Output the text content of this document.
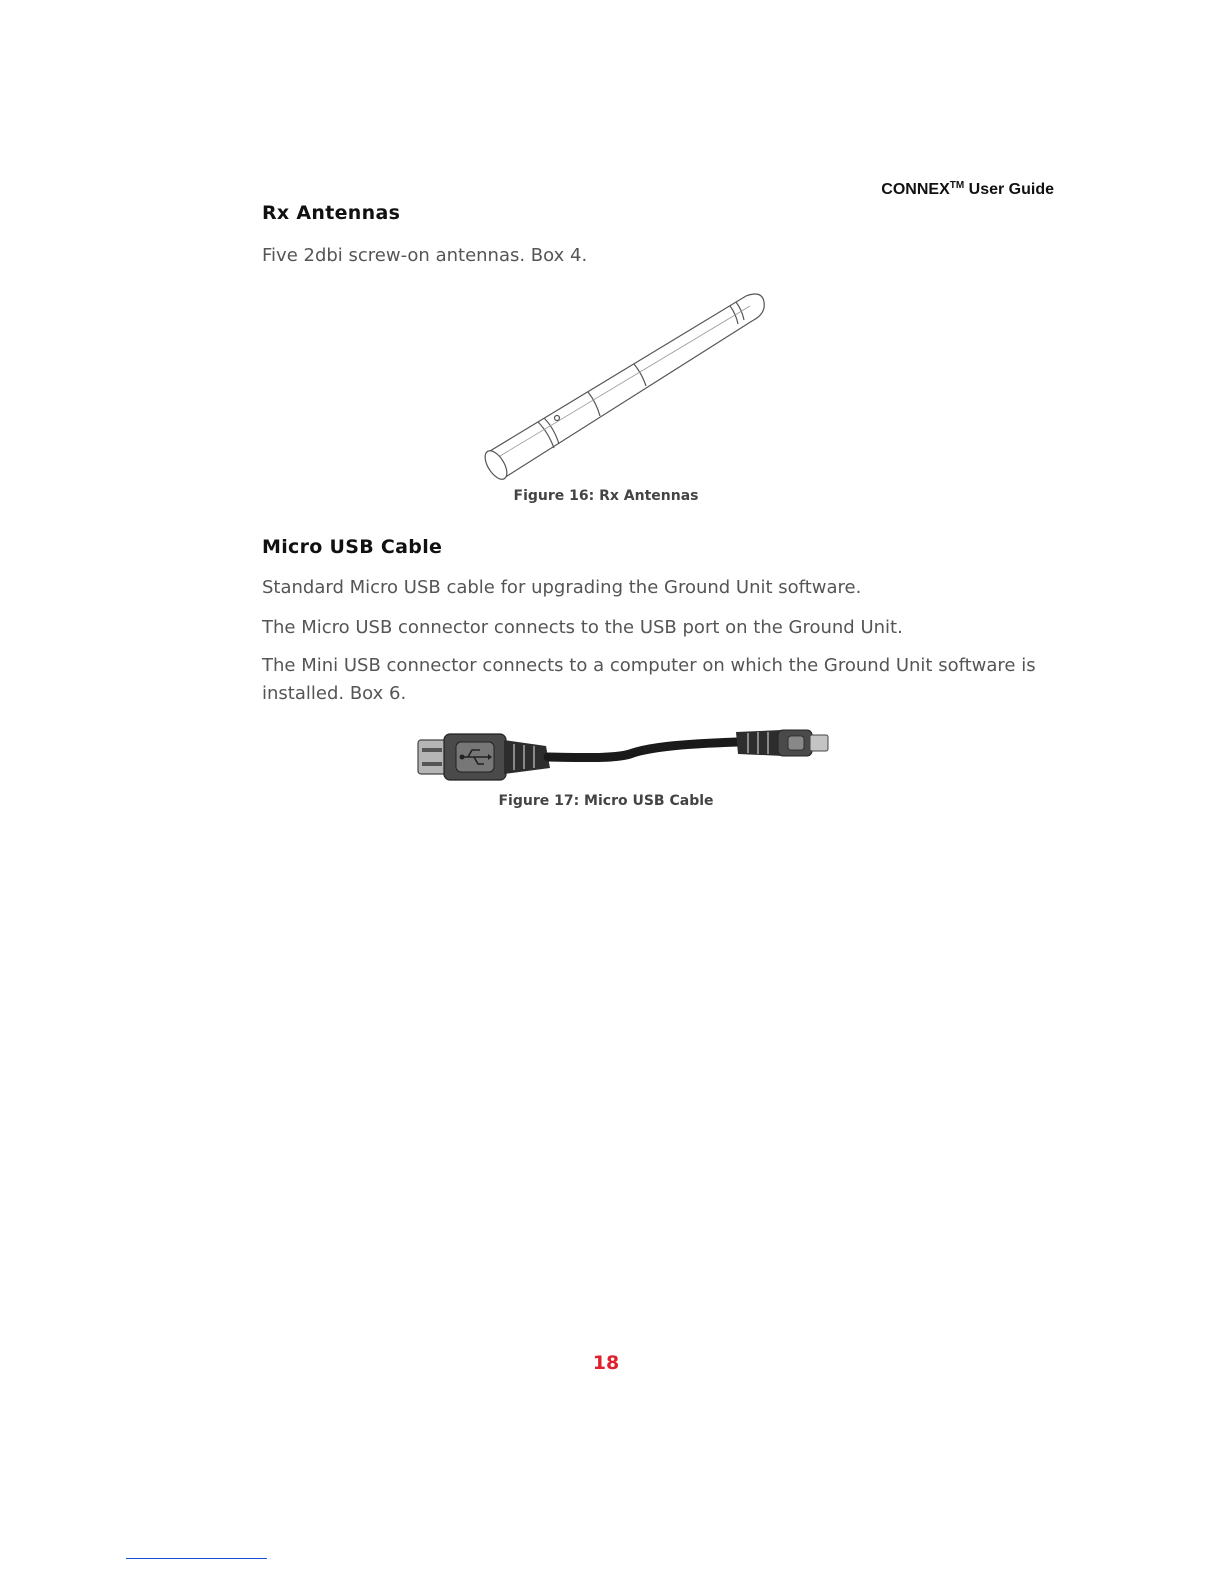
CONNEX™ User Guide
Rx Antennas

Five 2dbi screw-on antennas. Box 4.

Figure 16: Rx Antennas

Micro USB Cable

Standard Micro USB cable for upgrading the Ground Unit software.

The Micro USB connector connects to the USB port on the Ground Unit.

The Mini USB connector connects to a computer on which the Ground Unit software is installed. Box 6.

Figure 17: Micro USB Cable

18
